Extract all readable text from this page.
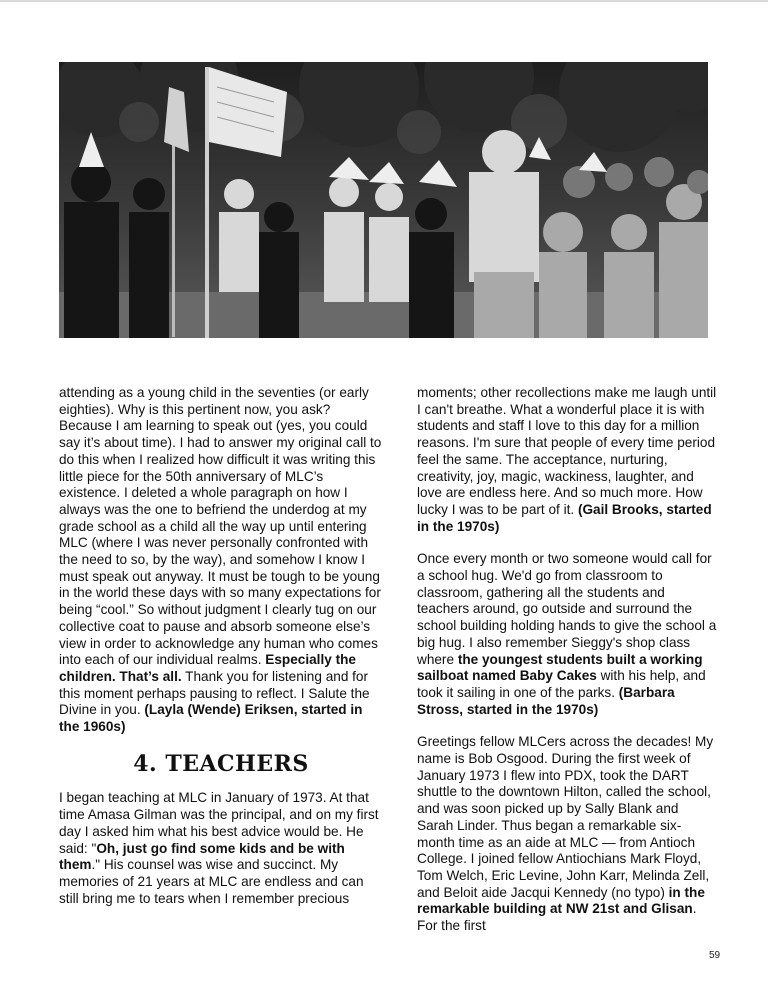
attending as a young child in the seventies (or early eighties). Why is this pertinent now, you ask? Because I am learning to speak out (yes, you could say it’s about time). I had to answer my original call to do this when I realized how difficult it was writing this little piece for the 50th anniversary of MLC’s existence. I deleted a whole paragraph on how I always was the one to befriend the underdog at my grade school as a child all the way up until entering MLC (where I was never personally confronted with the need to so, by the way), and somehow I know I must speak out anyway. It must be tough to be young in the world these days with so many expectations for being “cool.” So without judgment I clearly tug on our collective coat to pause and absorb someone else’s view in order to acknowledge any human who comes into each of our individual realms. Especially the children. That’s all. Thank you for listening and for this moment perhaps pausing to reflect. I Salute the Divine in you. (Layla (Wende) Eriksen, started in the 1960s)

4. TEACHERS

I began teaching at MLC in January of 1973. At that time Amasa Gilman was the principal, and on my first day I asked him what his best advice would be. He said: "Oh, just go find some kids and be with them." His counsel was wise and succinct. My memories of 21 years at MLC are endless and can still bring me to tears when I remember precious

moments; other recollections make me laugh until I can't breathe. What a wonderful place it is with students and staff I love to this day for a million reasons. I'm sure that people of every time period feel the same. The acceptance, nurturing, creativity, joy, magic, wackiness, laughter, and love are endless here. And so much more. How lucky I was to be part of it. (Gail Brooks, started in the 1970s)

Once every month or two someone would call for a school hug. We'd go from classroom to classroom, gathering all the students and teachers around, go outside and surround the school building holding hands to give the school a big hug. I also remember Sieggy's shop class where the youngest students built a working sailboat named Baby Cakes with his help, and took it sailing in one of the parks. (Barbara Stross, started in the 1970s)

Greetings fellow MLCers across the decades! My name is Bob Osgood. During the first week of January 1973 I flew into PDX, took the DART shuttle to the downtown Hilton, called the school, and was soon picked up by Sally Blank and Sarah Linder. Thus began a remarkable six-month time as an aide at MLC — from Antioch College. I joined fellow Antiochians Mark Floyd, Tom Welch, Eric Levine, John Karr, Melinda Zell, and Beloit aide Jacqui Kennedy (no typo) in the remarkable building at NW 21st and Glisan. For the first

59
